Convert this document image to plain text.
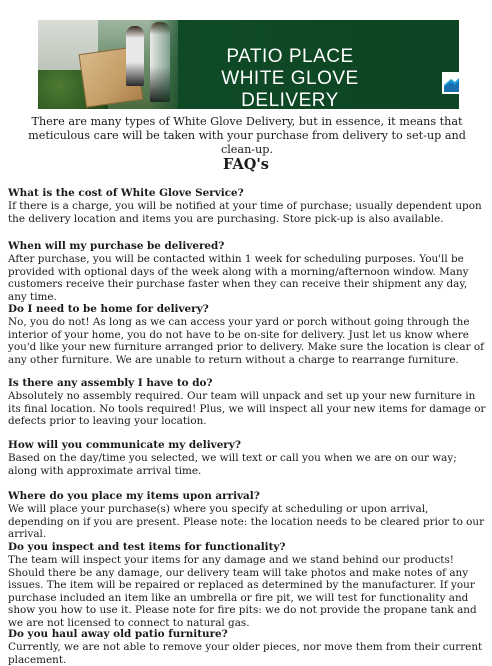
PATIO PLACE
WHITE GLOVE DELIVERY
There are many types of White Glove Delivery, but in essence, it means that meticulous care will be taken with your purchase from delivery to set-up and clean-up.
FAQ's
What is the cost of White Glove Service?
If there is a charge, you will be notified at your time of purchase; usually dependent upon the delivery location and items you are purchasing. Store pick-up is also available.
When will my purchase be delivered?
After purchase, you will be contacted within 1 week for scheduling purposes. You'll be provided with optional days of the week along with a morning/afternoon window. Many customers receive their purchase faster when they can receive their shipment any day, any time.
Do I need to be home for delivery?
No, you do not! As long as we can access your yard or porch without going through the interior of your home, you do not have to be on-site for delivery. Just let us know where you'd like your new furniture arranged prior to delivery. Make sure the location is clear of any other furniture. We are unable to return without a charge to rearrange furniture.
Is there any assembly I have to do?
Absolutely no assembly required. Our team will unpack and set up your new furniture in its final location. No tools required! Plus, we will inspect all your new items for damage or defects prior to leaving your location.
How will you communicate my delivery?
Based on the day/time you selected, we will text or call you when we are on our way; along with approximate arrival time.
Where do you place my items upon arrival?
We will place your purchase(s) where you specify at scheduling or upon arrival, depending on if you are present. Please note: the location needs to be cleared prior to our arrival.
Do you inspect and test items for functionality?
The team will inspect your items for any damage and we stand behind our products! Should there be any damage, our delivery team will take photos and make notes of any issues. The item will be repaired or replaced as determined by the manufacturer. If your purchase included an item like an umbrella or fire pit, we will test for functionality and show you how to use it. Please note for fire pits: we do not provide the propane tank and we are not licensed to connect to natural gas.
Do you haul away old patio furniture?
Currently, we are not able to remove your older pieces, nor move them from their current placement.
